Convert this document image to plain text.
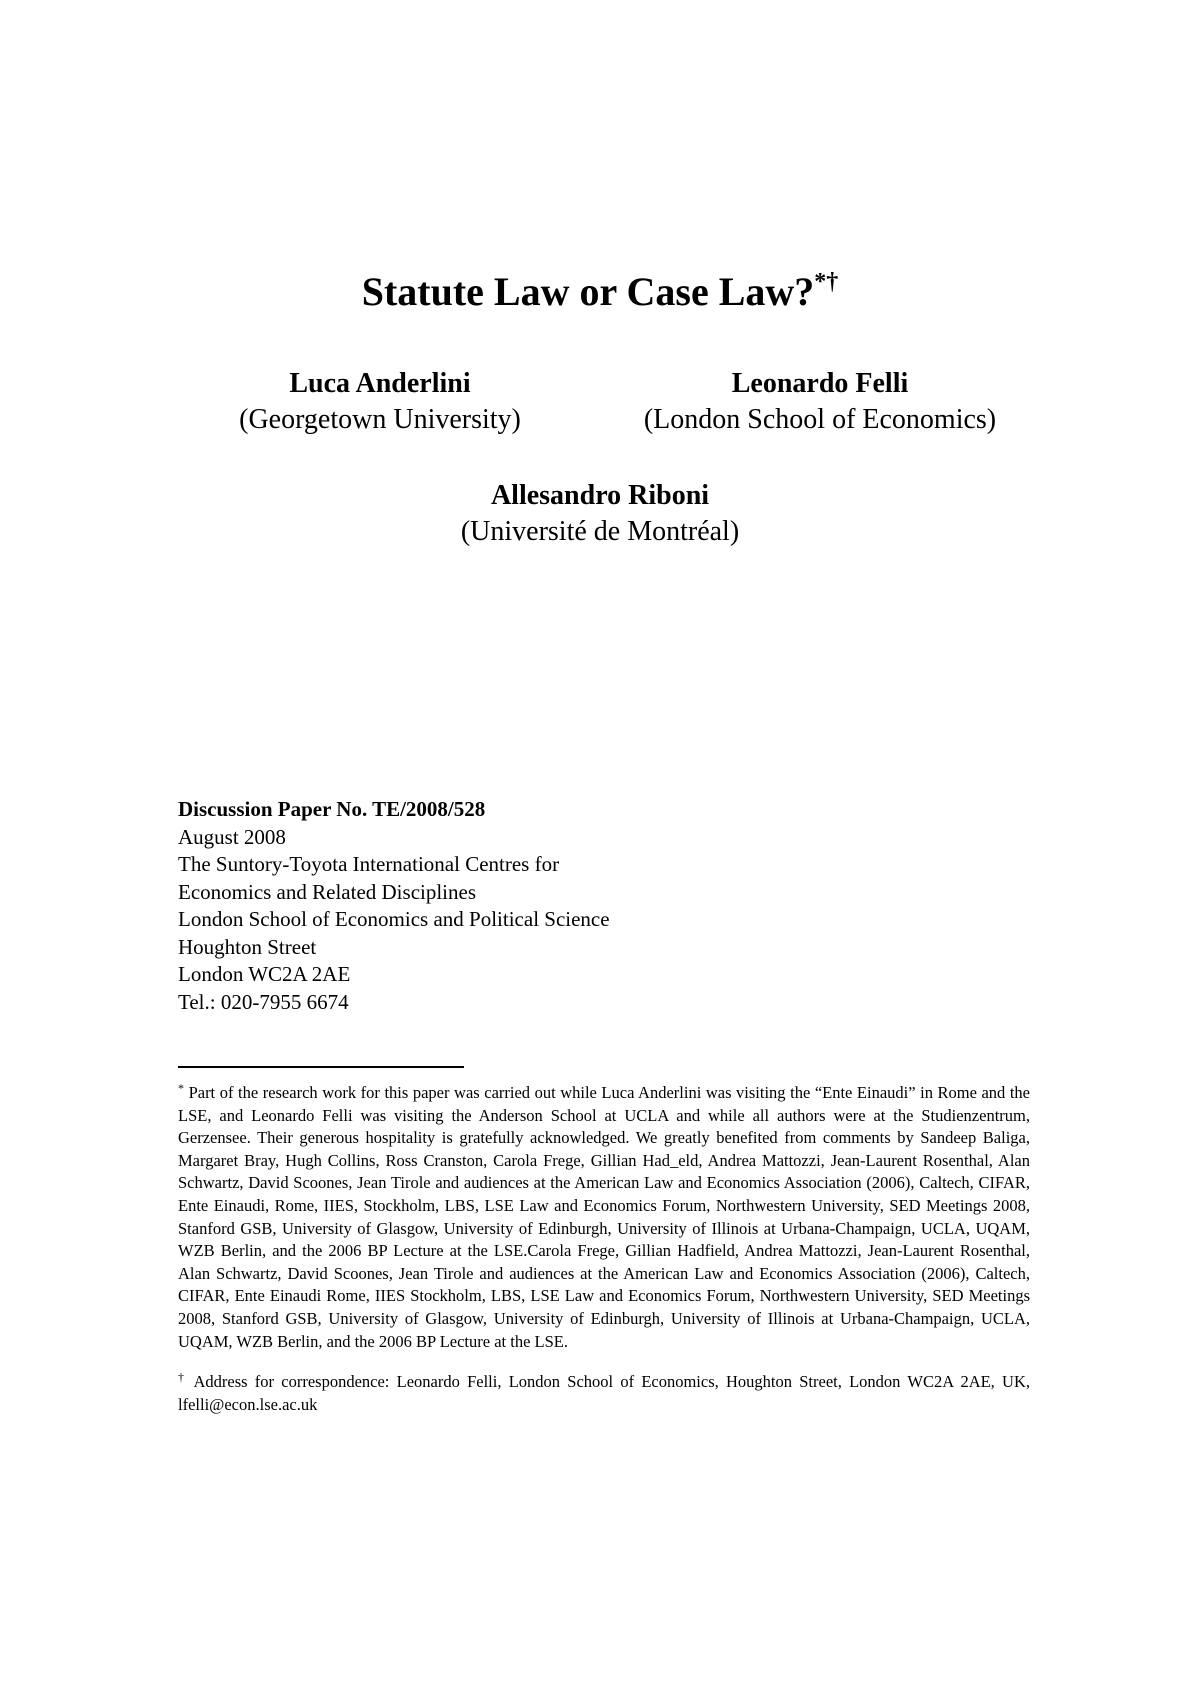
Statute Law or Case Law?*†
Luca Anderlini
(Georgetown University)
Leonardo Felli
(London School of Economics)
Allesandro Riboni
(Université de Montréal)
Discussion Paper No. TE/2008/528
August 2008
The Suntory-Toyota International Centres for
Economics and Related Disciplines
London School of Economics and Political Science
Houghton Street
London WC2A 2AE
Tel.: 020-7955 6674

* Part of the research work for this paper was carried out while Luca Anderlini was visiting the “Ente Einaudi” in Rome and the LSE, and Leonardo Felli was visiting the Anderson School at UCLA and while all authors were at the Studienzentrum, Gerzensee. Their generous hospitality is gratefully acknowledged. We greatly benefited from comments by Sandeep Baliga, Margaret Bray, Hugh Collins, Ross Cranston, Carola Frege, Gillian Had_eld, Andrea Mattozzi, Jean-Laurent Rosenthal, Alan Schwartz, David Scoones, Jean Tirole and audiences at the American Law and Economics Association (2006), Caltech, CIFAR, Ente Einaudi, Rome, IIES, Stockholm, LBS, LSE Law and Economics Forum, Northwestern University, SED Meetings 2008, Stanford GSB, University of Glasgow, University of Edinburgh, University of Illinois at Urbana-Champaign, UCLA, UQAM, WZB Berlin, and the 2006 BP Lecture at the LSE.Carola Frege, Gillian Hadfield, Andrea Mattozzi, Jean-Laurent Rosenthal, Alan Schwartz, David Scoones, Jean Tirole and audiences at the American Law and Economics Association (2006), Caltech, CIFAR, Ente Einaudi Rome, IIES Stockholm, LBS, LSE Law and Economics Forum, Northwestern University, SED Meetings 2008, Stanford GSB, University of Glasgow, University of Edinburgh, University of Illinois at Urbana-Champaign, UCLA, UQAM, WZB Berlin, and the 2006 BP Lecture at the LSE.

† Address for correspondence: Leonardo Felli, London School of Economics, Houghton Street, London WC2A 2AE, UK, lfelli@econ.lse.ac.uk
